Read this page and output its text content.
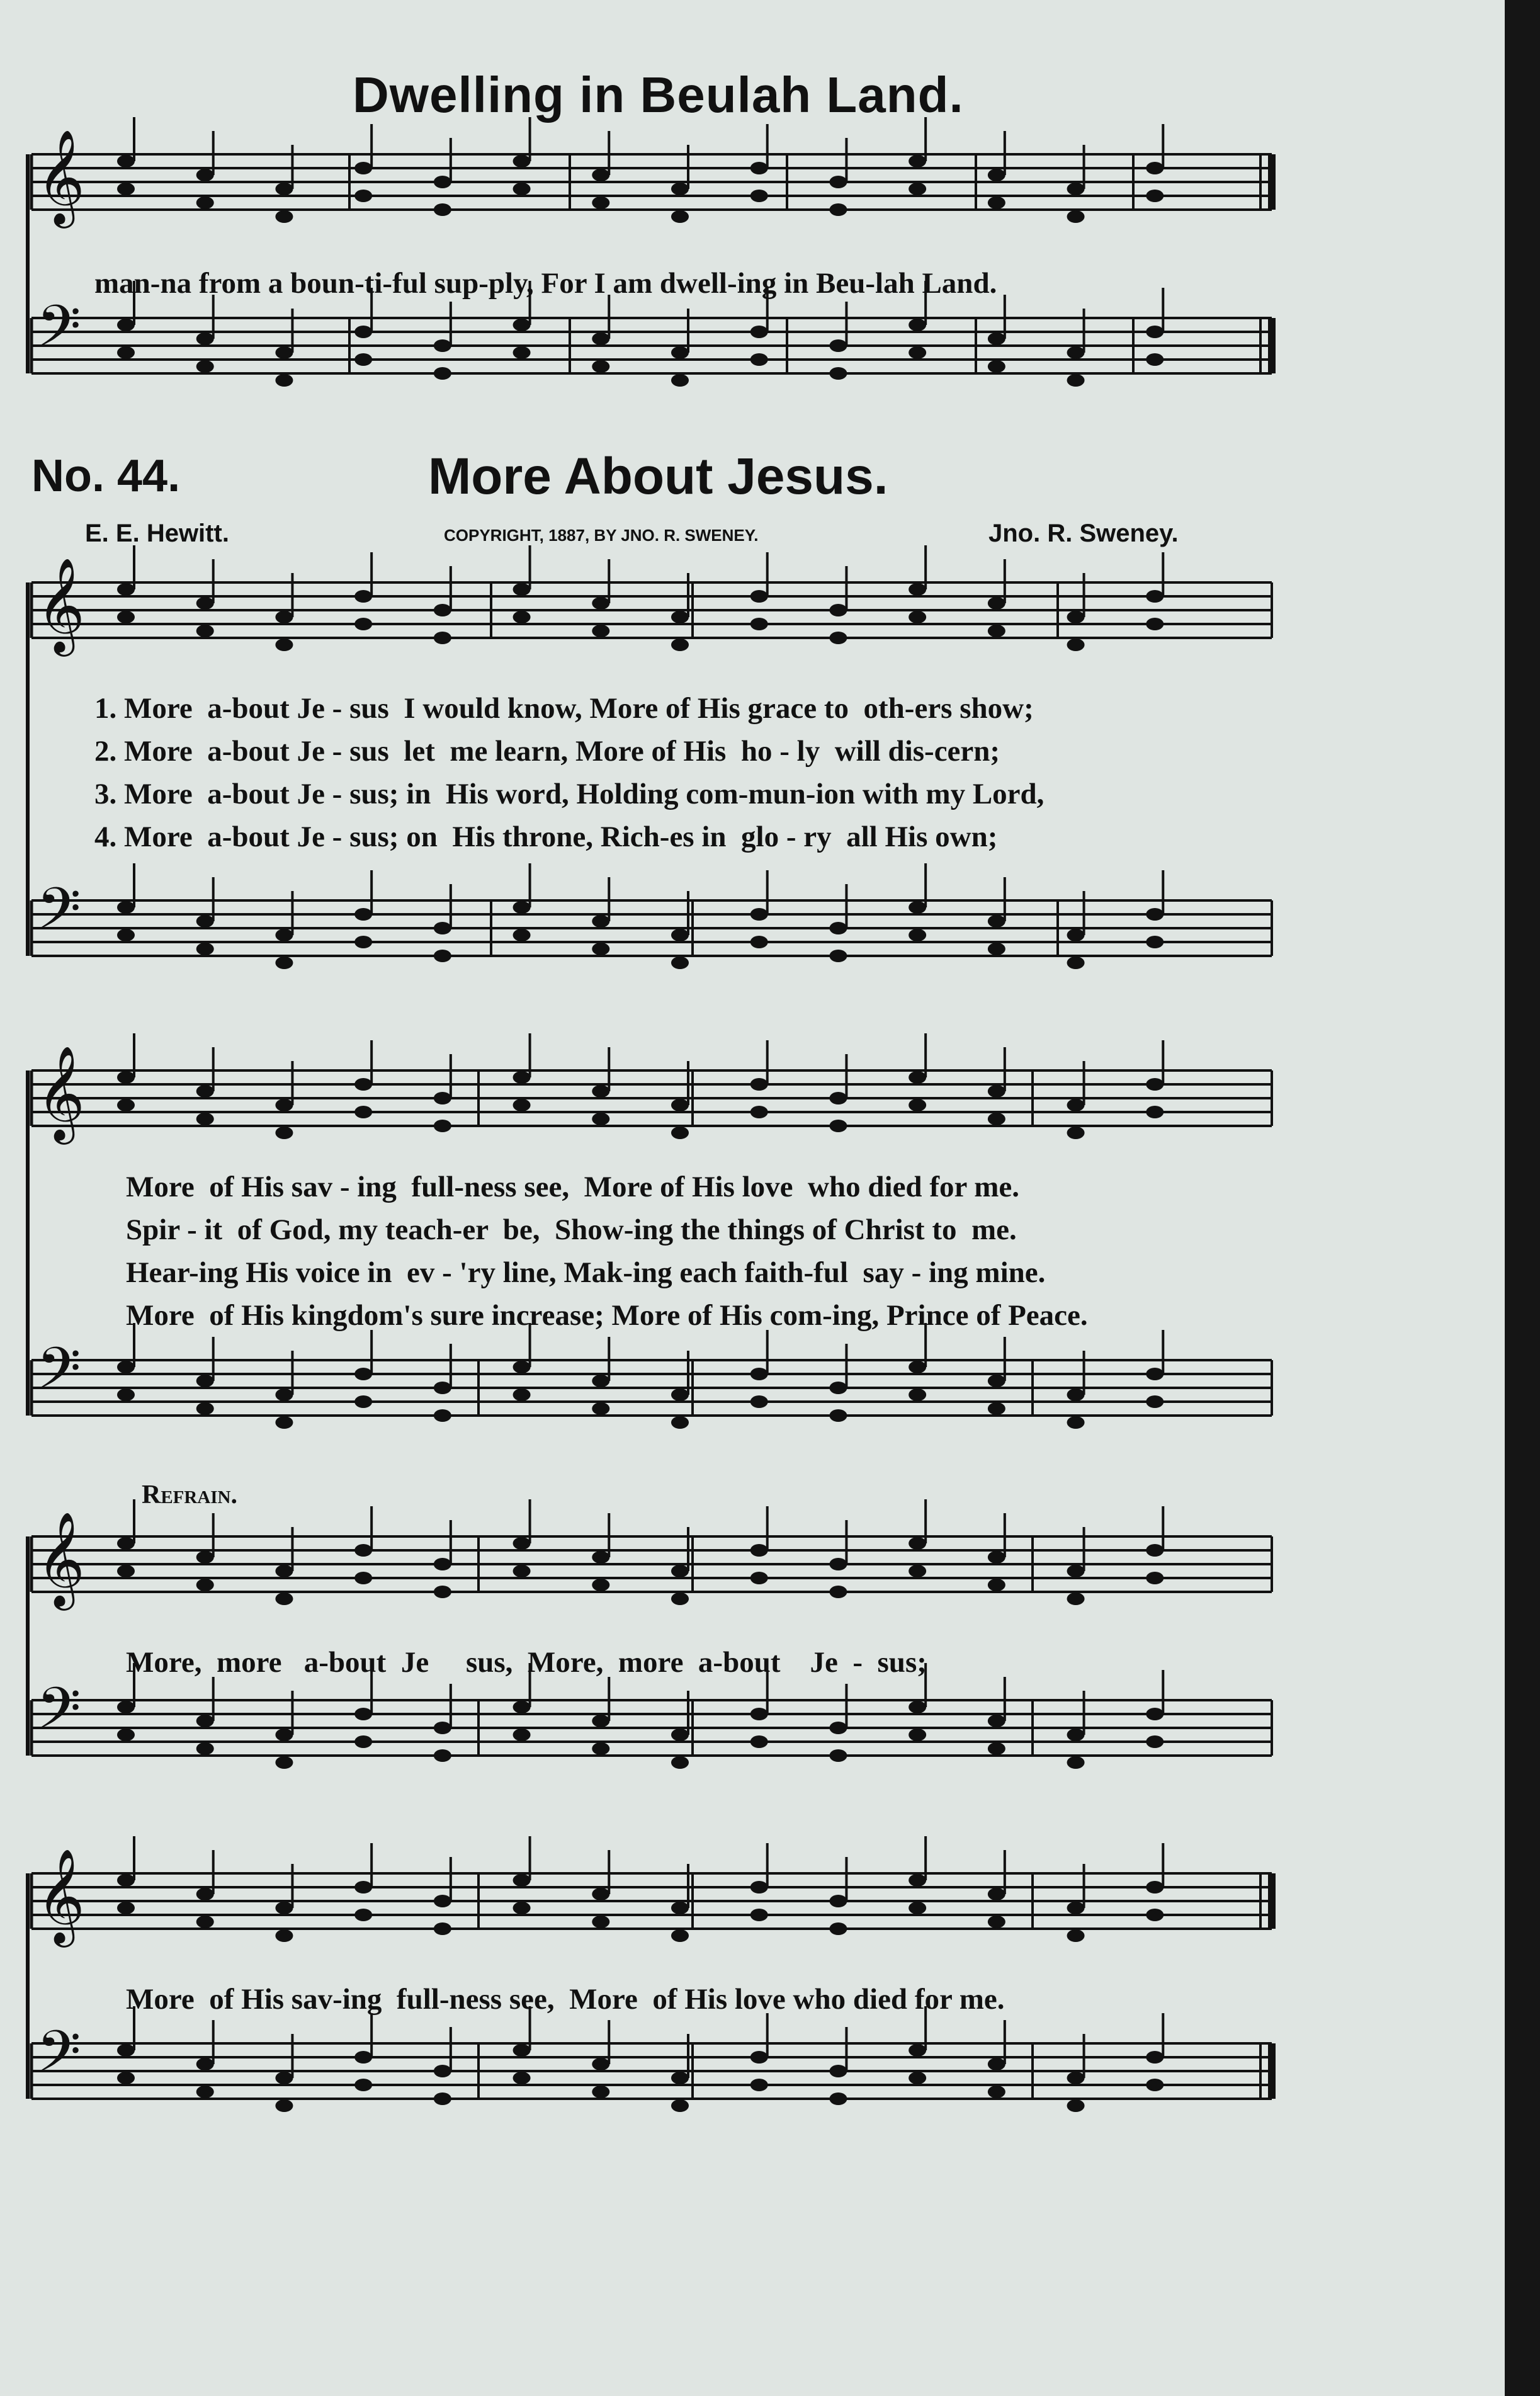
𝄞
𝄢
𝄞
𝄢
𝄞
𝄢
𝄞
𝄢
𝄞
𝄢
Dwelling in Beulah Land.
man-na from a boun-ti-ful sup-ply, For I am dwell-ing in Beu-lah Land.
No. 44.	More About Jesus.
E. E. Hewitt.	COPYRIGHT, 1887, BY JNO. R. SWENEY.	Jno. R. Sweney.
1. More  a-bout Je - sus  I would know, More of His grace to  oth-ers show;
2. More  a-bout Je - sus  let  me learn, More of His  ho - ly  will dis-cern;
3. More  a-bout Je - sus; in  His word, Holding com-mun-ion with my Lord,
4. More  a-bout Je - sus; on  His throne, Rich-es in  glo - ry  all His own;
More  of His sav - ing  full-ness see,  More of His love  who died for me.
Spir - it  of God, my teach-er  be,  Show-ing the things of Christ to  me.
Hear-ing His voice in  ev - 'ry line, Mak-ing each faith-ful  say - ing mine.
More  of His kingdom's sure increase; More of His com-ing, Prince of Peace.
Refrain.
More,  more   a-bout  Je     sus,  More,  more  a-bout    Je  -  sus;
More  of His sav-ing  full-ness see,  More  of His love who died for me.
